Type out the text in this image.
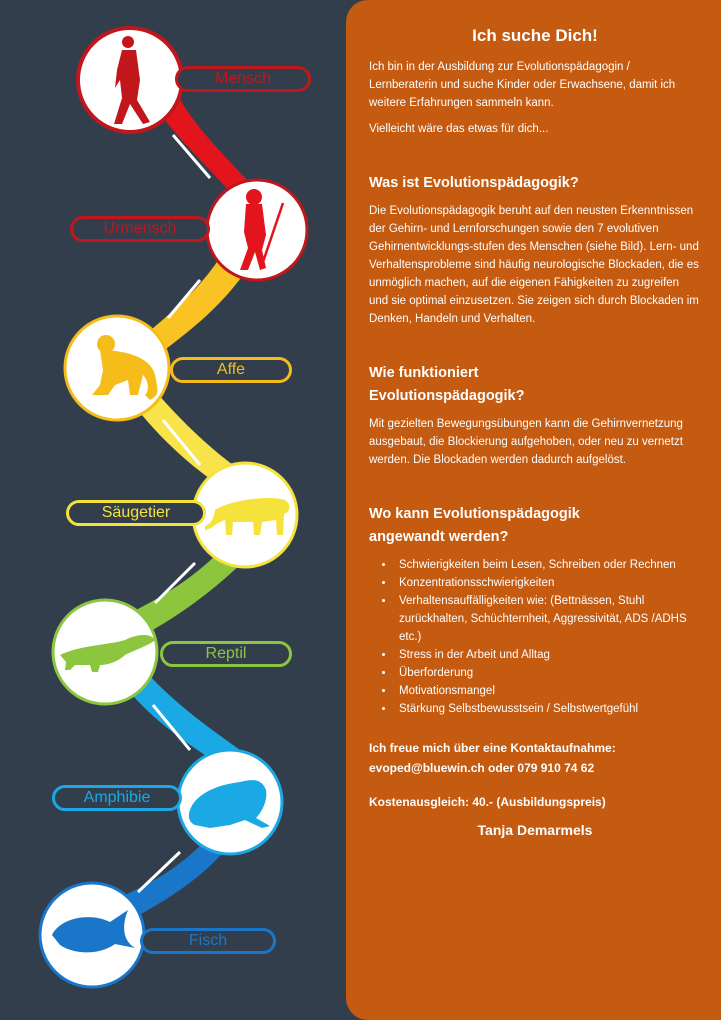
Mensch
Urmensch
Affe
Säugetier
Reptil
Amphibie
Fisch
Ich suche Dich!

Ich bin in der Ausbildung zur Evolutionspädagogin / Lernberaterin und suche Kinder oder Erwachsene, damit ich weitere Erfahrungen sammeln kann.

Vielleicht wäre das etwas für dich...

Was ist Evolutionspädagogik?

Die Evolutionspädagogik beruht auf den neusten Erkenntnissen der Gehirn- und Lernforschungen sowie den 7 evolutiven Gehirnentwicklungs-stufen des Menschen (siehe Bild). Lern- und Verhaltensprobleme sind häufig neurologische Blockaden, die es unmöglich machen, auf die eigenen Fähigkeiten zu zugreifen und sie optimal einzusetzen. Sie zeigen sich durch Blockaden im Denken, Handeln und Verhalten.

Wie funktioniert Evolutionspädagogik?

Mit gezielten Bewegungsübungen kann die Gehirnvernetzung ausgebaut, die Blockierung aufgehoben, oder neu zu vernetzt werden. Die Blockaden werden dadurch aufgelöst.

Wo kann Evolutionspädagogik angewandt werden?
• Schwierigkeiten beim Lesen, Schreiben oder Rechnen
• Konzentrationsschwierigkeiten
• Verhaltensauffälligkeiten wie: (Bettnässen, Stuhl zurückhalten, Schüchternheit, Aggressivität, ADS /ADHS etc.)
• Stress in der Arbeit und Alltag
• Überforderung
• Motivationsmangel
• Stärkung Selbstbewusstsein / Selbstwertgefühl

Ich freue mich über eine Kontaktaufnahme:

evoped@bluewin.ch oder 079 910 74 62

Kostenausgleich: 40.- (Ausbildungspreis)

Tanja Demarmels
